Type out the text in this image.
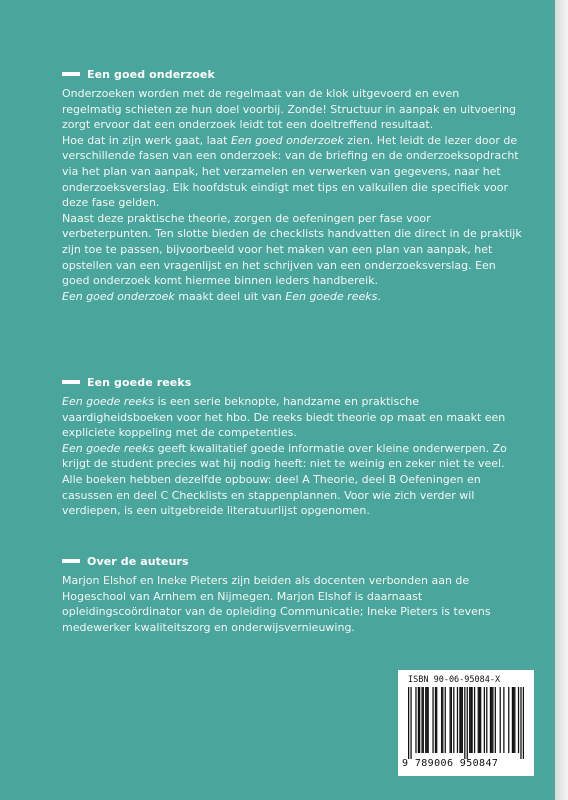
Een goed onderzoek

Onderzoeken worden met de regelmaat van de klok uitgevoerd en even regelmatig schieten ze hun doel voorbij. Zonde! Structuur in aanpak en uitvoering zorgt ervoor dat een onderzoek leidt tot een doeltreffend resultaat.

Hoe dat in zijn werk gaat, laat Een goed onderzoek zien. Het leidt de lezer door de verschillende fasen van een onderzoek: van de briefing en de onderzoeksopdracht via het plan van aanpak, het verzamelen en verwerken van gegevens, naar het onderzoeksverslag. Elk hoofdstuk eindigt met tips en valkuilen die specifiek voor deze fase gelden.

Naast deze praktische theorie, zorgen de oefeningen per fase voor verbeterpunten. Ten slotte bieden de checklists handvatten die direct in de praktijk zijn toe te passen, bijvoorbeeld voor het maken van een plan van aanpak, het opstellen van een vragenlijst en het schrijven van een onderzoeksverslag. Een goed onderzoek komt hiermee binnen ieders handbereik.

Een goed onderzoek maakt deel uit van Een goede reeks.

Een goede reeks

Een goede reeks is een serie beknopte, handzame en praktische vaardigheidsboeken voor het hbo. De reeks biedt theorie op maat en maakt een expliciete koppeling met de competenties.

Een goede reeks geeft kwalitatief goede informatie over kleine onderwerpen. Zo krijgt de student precies wat hij nodig heeft: niet te weinig en zeker niet te veel. Alle boeken hebben dezelfde opbouw: deel A Theorie, deel B Oefeningen en casussen en deel C Checklists en stappenplannen. Voor wie zich verder wil verdiepen, is een uitgebreide literatuurlijst opgenomen.

Over de auteurs

Marjon Elshof en Ineke Pieters zijn beiden als docenten verbonden aan de Hogeschool van Arnhem en Nijmegen. Marjon Elshof is daarnaast opleidingscoördinator van de opleiding Communicatie; Ineke Pieters is tevens medewerker kwaliteitszorg en onderwijsvernieuwing.

ISBN 90-06-95084-X
9 789006 950847
